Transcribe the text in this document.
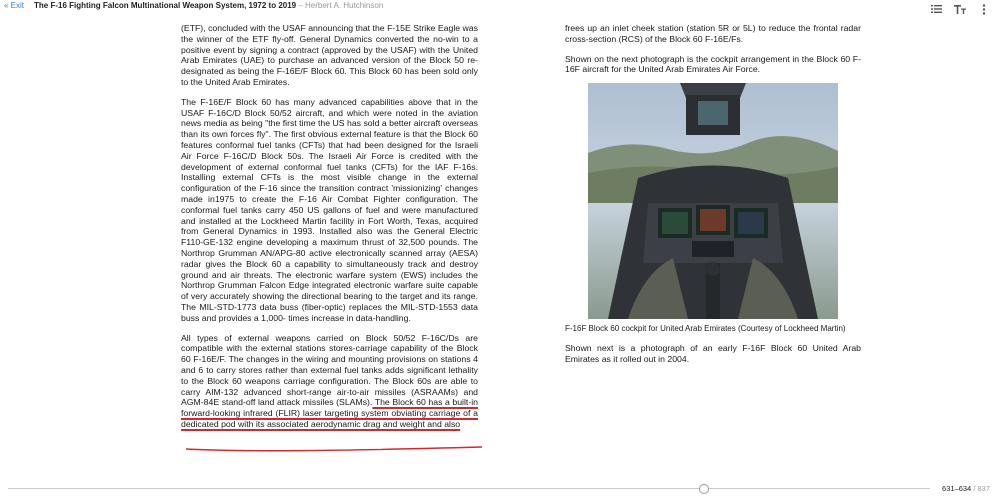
« Exit The F-16 Fighting Falcon Multinational Weapon System, 1972 to 2019 – Herbert A. Hutchinson

(ETF), concluded with the USAF announcing that the F-15E Strike Eagle was the winner of the ETF fly-off. General Dynamics converted the no-win to a positive event by signing a contract (approved by the USAF) with the United Arab Emirates (UAE) to purchase an advanced version of the Block 50 re-designated as being the F-16E/F Block 60. This Block 60 has been sold only to the United Arab Emirates.

The F-16E/F Block 60 has many advanced capabilities above that in the USAF F-16C/D Block 50/52 aircraft, and which were noted in the aviation news media as being "the first time the US has sold a better aircraft overseas than its own forces fly". The first obvious external feature is that the Block 60 features conformal fuel tanks (CFTs) that had been designed for the Israeli Air Force F-16C/D Block 50s. The Israeli Air Force is credited with the development of external conformal fuel tanks (CFTs) for the IAF F-16s. Installing external CFTs is the most visible change in the external configuration of the F-16 since the transition contract 'missionizing' changes made in1975 to create the F-16 Air Combat Fighter configuration. The conformal fuel tanks carry 450 US gallons of fuel and were manufactured and installed at the Lockheed Martin facility in Fort Worth, Texas, acquired from General Dynamics in 1993. Installed also was the General Electric F110-GE-132 engine developing a maximum thrust of 32,500 pounds. The Northrop Grumman AN/APG-80 active electronically scanned array (AESA) radar gives the Block 60 a capability to simultaneously track and destroy ground and air threats. The electronic warfare system (EWS) includes the Northrop Grumman Falcon Edge integrated electronic warfare suite capable of very accurately showing the directional bearing to the target and its range. The MIL-STD-1773 data buss (fiber-optic) replaces the MIL-STD-1553 data buss and provides a 1,000- times increase in data-handling.

All types of external weapons carried on Block 50/52 F-16C/Ds are compatible with the external stations stores-carriage capability of the Block 60 F-16E/F. The changes in the wiring and mounting provisions on stations 4 and 6 to carry stores rather than external fuel tanks adds significant lethality to the Block 60 weapons carriage configuration. The Block 60s are able to carry AIM-132 advanced short-range air-to-air missiles (ASRAAMs) and AGM-84E stand-off land attack missiles (SLAMs). The Block 60 has a built-in forward-looking infrared (FLIR) laser targeting system obviating carriage of a dedicated pod with its associated aerodynamic drag and weight and also

frees up an inlet cheek station (station 5R or 5L) to reduce the frontal radar cross-section (RCS) of the Block 60 F-16E/Fs.

Shown on the next photograph is the cockpit arrangement in the Block 60 F-16F aircraft for the United Arab Emirates Air Force.

F-16F Block 60 cockpit for United Arab Emirates (Courtesy of Lockheed Martin)
Shown next is a photograph of an early F-16F Block 60 United Arab Emirates as it rolled out in 2004.
631–634 / 837
